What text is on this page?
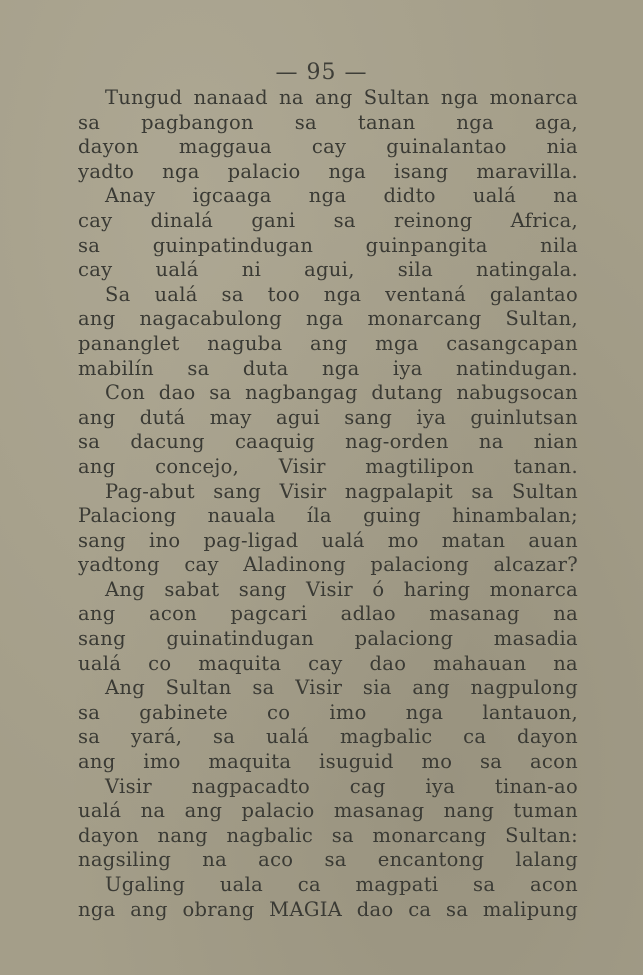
— 95 —
Tungud nanaad na ang Sultan nga monarca
sa pagbangon sa tanan nga aga,
dayon maggaua cay guinalantao nia
yadto nga palacio nga isang maravilla.
Anay igcaaga nga didto ualá na
cay dinalá gani sa reinong Africa,
sa guinpatindugan guinpangita nila
cay ualá ni agui, sila natingala.
Sa ualá sa too nga ventaná galantao
ang nagacabulong nga monarcang Sultan,
pananglet naguba ang mga casangcapan
mabilín sa duta nga iya natindugan.
Con dao sa nagbangag dutang nabugsocan
ang dutá may agui sang iya guinlutsan
sa dacung caaquig nag-orden na nian
ang concejo, Visir magtilipon tanan.
Pag-abut sang Visir nagpalapit sa Sultan
Palaciong nauala íla guing hinambalan;
sang ino pag-ligad ualá mo matan auan
yadtong cay Aladinong palaciong alcazar?
Ang sabat sang Visir ó haring monarca
ang acon pagcari adlao masanag na
sang guinatindugan palaciong masadia
ualá co maquita cay dao mahauan na
Ang Sultan sa Visir sia ang nagpulong
sa gabinete co imo nga lantauon,
sa yará, sa ualá magbalic ca dayon
ang imo maquita isuguid mo sa acon
Visir nagpacadto cag iya tinan-ao
ualá na ang palacio masanag nang tuman
dayon nang nagbalic sa monarcang Sultan:
nagsiling na aco sa encantong lalang
Ugaling uala ca magpati sa acon
nga ang obrang MAGIA dao ca sa malipung
